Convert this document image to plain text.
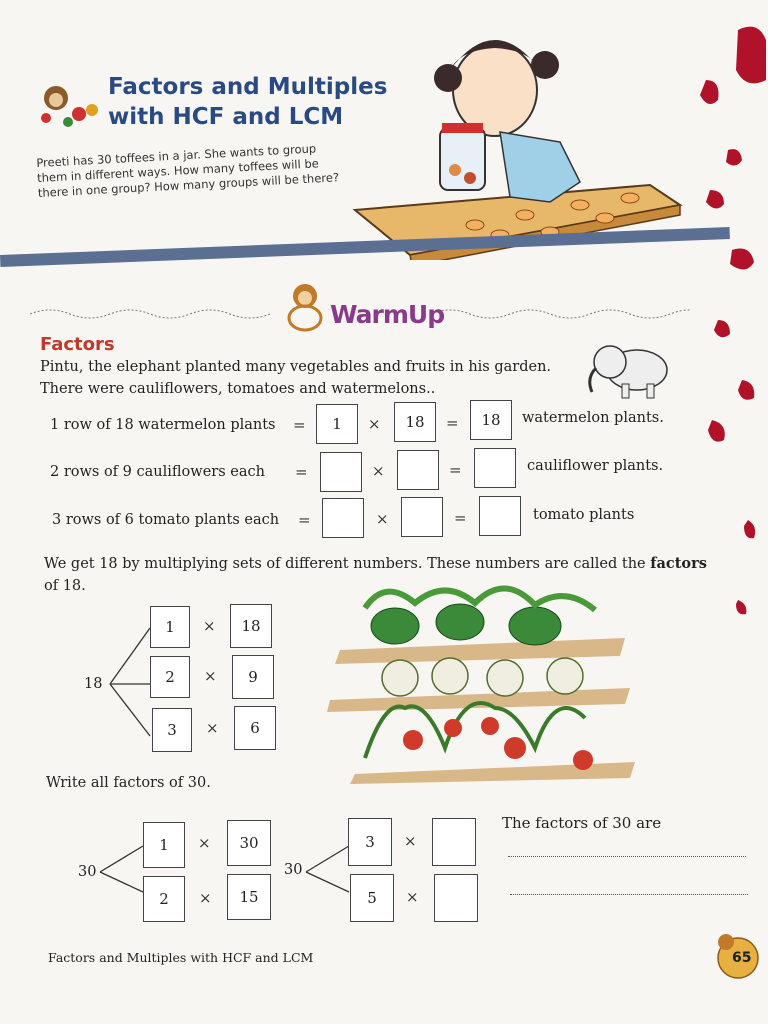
Factors and Multiples
with HCF and LCM
Preeti has 30 toffees in a jar. She wants to group them in different ways. How many toffees will be there in one group? How many groups will be there?
WarmUp
Factors
Pintu, the elephant planted many vegetables and fruits in his garden. There were cauliflowers, tomatoes and watermelons..
1 row of 18 watermelon plants =	1	×	18	=	18	watermelon plants.
2 rows of 9 cauliflowers each =	×	=	cauliflower plants.
3 rows of 6 tomato plants each =	×	=	tomato plants
We get 18 by multiplying sets of different numbers. These numbers are called the factors of 18.
18
1	×	18
2	×	9
3	×	6
Write all factors of 30.
30
1	×	30
2	×	15
30
3	×
5	×
The factors of 30 are
Factors and Multiples with HCF and LCM	65
